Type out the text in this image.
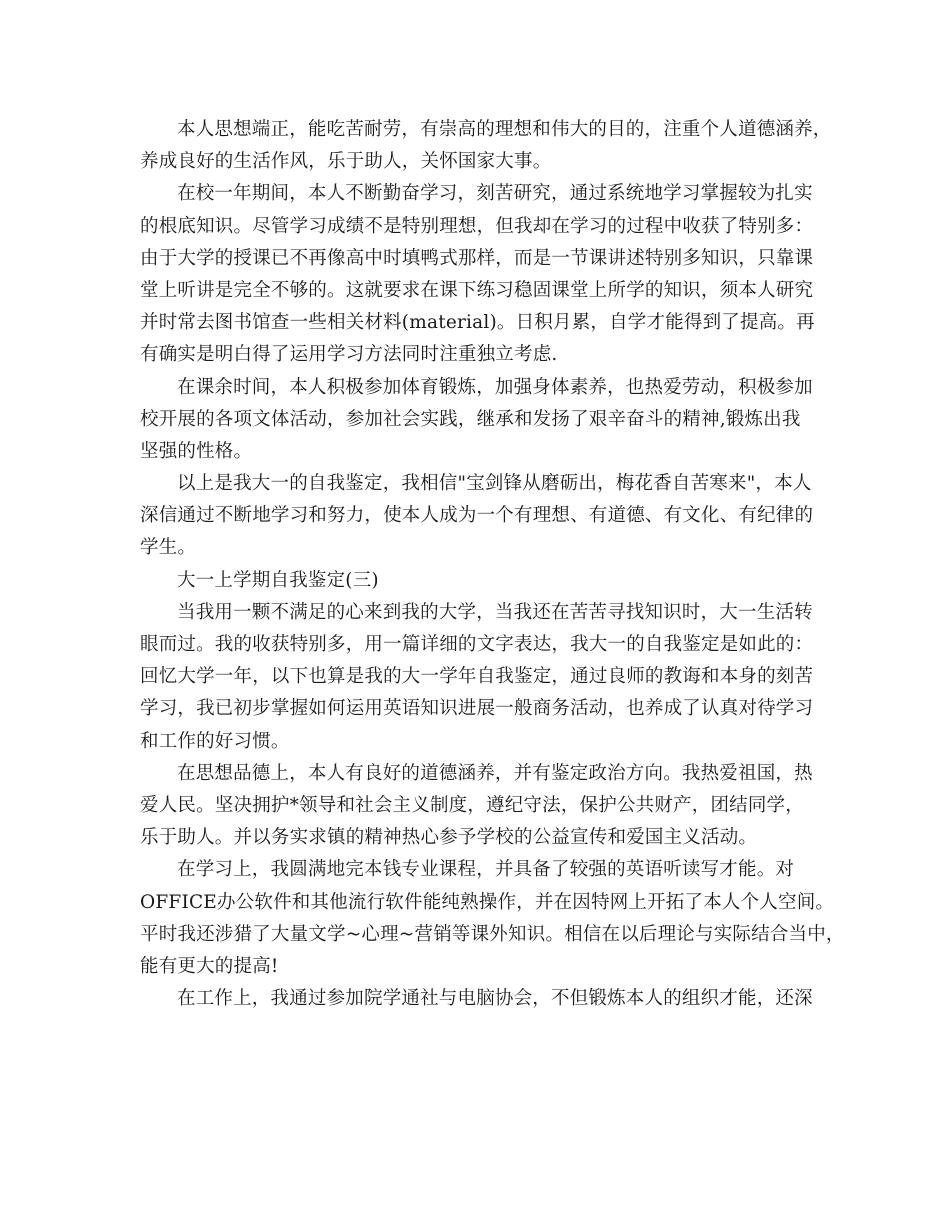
本人思想端正，能吃苦耐劳，有崇高的理想和伟大的目的，注重个人道德涵养，
养成良好的生活作风，乐于助人，关怀国家大事。
在校一年期间，本人不断勤奋学习，刻苦研究，通过系统地学习掌握较为扎实
的根底知识。尽管学习成绩不是特别理想，但我却在学习的过程中收获了特别多：
由于大学的授课已不再像高中时填鸭式那样，而是一节课讲述特别多知识，只靠课
堂上听讲是完全不够的。这就要求在课下练习稳固课堂上所学的知识，须本人研究
并时常去图书馆查一些相关材料(material)。日积月累，自学才能得到了提高。再
有确实是明白得了运用学习方法同时注重独立考虑.
在课余时间，本人积极参加体育锻炼，加强身体素养，也热爱劳动，积极参加
校开展的各项文体活动，参加社会实践，继承和发扬了艰辛奋斗的精神,锻炼出我
坚强的性格。
以上是我大一的自我鉴定，我相信"宝剑锋从磨砺出，梅花香自苦寒来"，本人
深信通过不断地学习和努力，使本人成为一个有理想、有道德、有文化、有纪律的
学生。
大一上学期自我鉴定(三)
当我用一颗不满足的心来到我的大学，当我还在苦苦寻找知识时，大一生活转
眼而过。我的收获特别多，用一篇详细的文字表达，我大一的自我鉴定是如此的：
回忆大学一年，以下也算是我的大一学年自我鉴定，通过良师的教诲和本身的刻苦
学习，我已初步掌握如何运用英语知识进展一般商务活动，也养成了认真对待学习
和工作的好习惯。
在思想品德上，本人有良好的道德涵养，并有鉴定政治方向。我热爱祖国，热
爱人民。坚决拥护*领导和社会主义制度，遵纪守法，保护公共财产，团结同学，
乐于助人。并以务实求镇的精神热心参予学校的公益宣传和爱国主义活动。
在学习上，我圆满地完本钱专业课程，并具备了较强的英语听读写才能。对
OFFICE办公软件和其他流行软件能纯熟操作，并在因特网上开拓了本人个人空间。
平时我还涉猎了大量文学~心理~营销等课外知识。相信在以后理论与实际结合当中，
能有更大的提高!
在工作上，我通过参加院学通社与电脑协会，不但锻炼本人的组织才能，还深
